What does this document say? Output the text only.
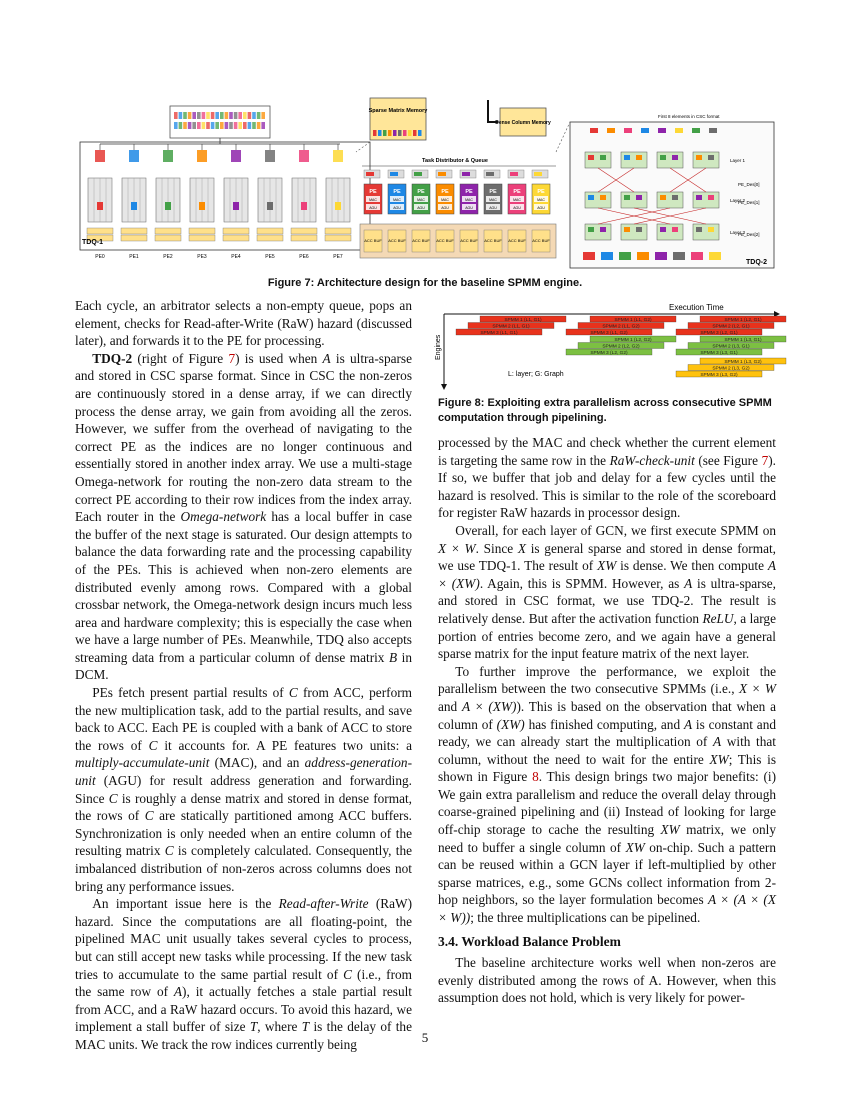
PE0	PE1	PE2	PE3	PE4	PE5	PE6	PE7
TDQ-1
Sparse Matrix Memory
Dense Column Memory
Task Distributor & Queue
PE
MAC
AGU
ACC BUF
PE
MAC
AGU
ACC BUF
PE
MAC
AGU
ACC BUF
PE
MAC
AGU
ACC BUF
PE
MAC
AGU
ACC BUF
PE
MAC
AGU
ACC BUF
PE
MAC
AGU
ACC BUF
PE
MAC
AGU
ACC BUF
First 8 elements in CSC format
Layer 1
Layer 2
Layer 3
PE_Des[0]
PE_Des[1]
PE_Des[2]
TDQ-2
Figure 7: Architecture design for the baseline SPMM engine.
Execution Time
Engines
L: layer; G: Graph
SPMM 1 (L1, G1)
SPMM 2 (L1, G1)
SPMM 3 (L1, G1)
SPMM 1 (L1, G2)
SPMM 2 (L1, G2)
SPMM 3 (L1, G2)
SPMM 1 (L2, G1)
SPMM 2 (L2, G1)
SPMM 3 (L2, G1)
SPMM 1 (L2, G2)
SPMM 2 (L2, G2)
SPMM 3 (L2, G2)
SPMM 1 (L3, G1)
SPMM 2 (L3, G1)
SPMM 3 (L3, G1)
SPMM 1 (L3, G2)
SPMM 2 (L3, G2)
SPMM 3 (L3, G2)
Figure 8: Exploiting extra parallelism across consecutive SPMM computation through pipelining.

Each cycle, an arbitrator selects a non-empty queue, pops an element, checks for Read-after-Write (RaW) hazard (discussed later), and forwards it to the PE for processing.

TDQ-2 (right of Figure 7) is used when A is ultra-sparse and stored in CSC sparse format. Since in CSC the non-zeros are continuously stored in a dense array, if we can directly process the dense array, we gain from avoiding all the zeros. However, we suffer from the overhead of navigating to the correct PE as the indices are no longer continuous and essentially stored in another index array. We use a multi-stage Omega-network for routing the non-zero data stream to the correct PE according to their row indices from the index array. Each router in the Omega-network has a local buffer in case the buffer of the next stage is saturated. Our design attempts to balance the data forwarding rate and the processing capability of the PEs. This is achieved when non-zero elements are distributed evenly among rows. Compared with a global crossbar network, the Omega-network design incurs much less area and hardware complexity; this is especially the case when we have a large number of PEs. Meanwhile, TDQ also accepts streaming data from a particular column of dense matrix B in DCM.

PEs fetch present partial results of C from ACC, perform the new multiplication task, add to the partial results, and save back to ACC. Each PE is coupled with a bank of ACC to store the rows of C it accounts for. A PE features two units: a multiply-accumulate-unit (MAC), and an address-generation-unit (AGU) for result address generation and forwarding. Since C is roughly a dense matrix and stored in dense format, the rows of C are statically partitioned among ACC buffers. Synchronization is only needed when an entire column of the resulting matrix C is completely calculated. Consequently, the imbalanced distribution of non-zeros across columns does not bring any performance issues.

An important issue here is the Read-after-Write (RaW) hazard. Since the computations are all floating-point, the pipelined MAC unit usually takes several cycles to process, but can still accept new tasks while processing. If the new task tries to accumulate to the same partial result of C (i.e., from the same row of A), it actually fetches a stale partial result from ACC, and a RaW hazard occurs. To avoid this hazard, we implement a stall buffer of size T, where T is the delay of the MAC units. We track the row indices currently being

processed by the MAC and check whether the current element is targeting the same row in the RaW-check-unit (see Figure 7). If so, we buffer that job and delay for a few cycles until the hazard is resolved. This is similar to the role of the scoreboard for register RaW hazards in processor design.

Overall, for each layer of GCN, we first execute SPMM on X × W. Since X is general sparse and stored in dense format, we use TDQ-1. The result of XW is dense. We then compute A × (XW). Again, this is SPMM. However, as A is ultra-sparse, and stored in CSC format, we use TDQ-2. The result is relatively dense. But after the activation function ReLU, a large portion of entries become zero, and we again have a general sparse matrix for the input feature matrix of the next layer.

To further improve the performance, we exploit the parallelism between the two consecutive SPMMs (i.e., X × W and A × (XW)). This is based on the observation that when a column of (XW) has finished computing, and A is constant and ready, we can already start the multiplication of A with that column, without the need to wait for the entire XW; This is shown in Figure 8. This design brings two major benefits: (i) We gain extra parallelism and reduce the overall delay through coarse-grained pipelining and (ii) Instead of looking for large off-chip storage to cache the resulting XW matrix, we only need to buffer a single column of XW on-chip. Such a pattern can be reused within a GCN layer if left-multiplied by other sparse matrices, e.g., some GCNs collect information from 2-hop neighbors, so the layer formulation becomes A × (A × (X × W)); the three multiplications can be pipelined.

3.4. Workload Balance Problem

The baseline architecture works well when non-zeros are evenly distributed among the rows of A. However, when this assumption does not hold, which is very likely for power-

5
